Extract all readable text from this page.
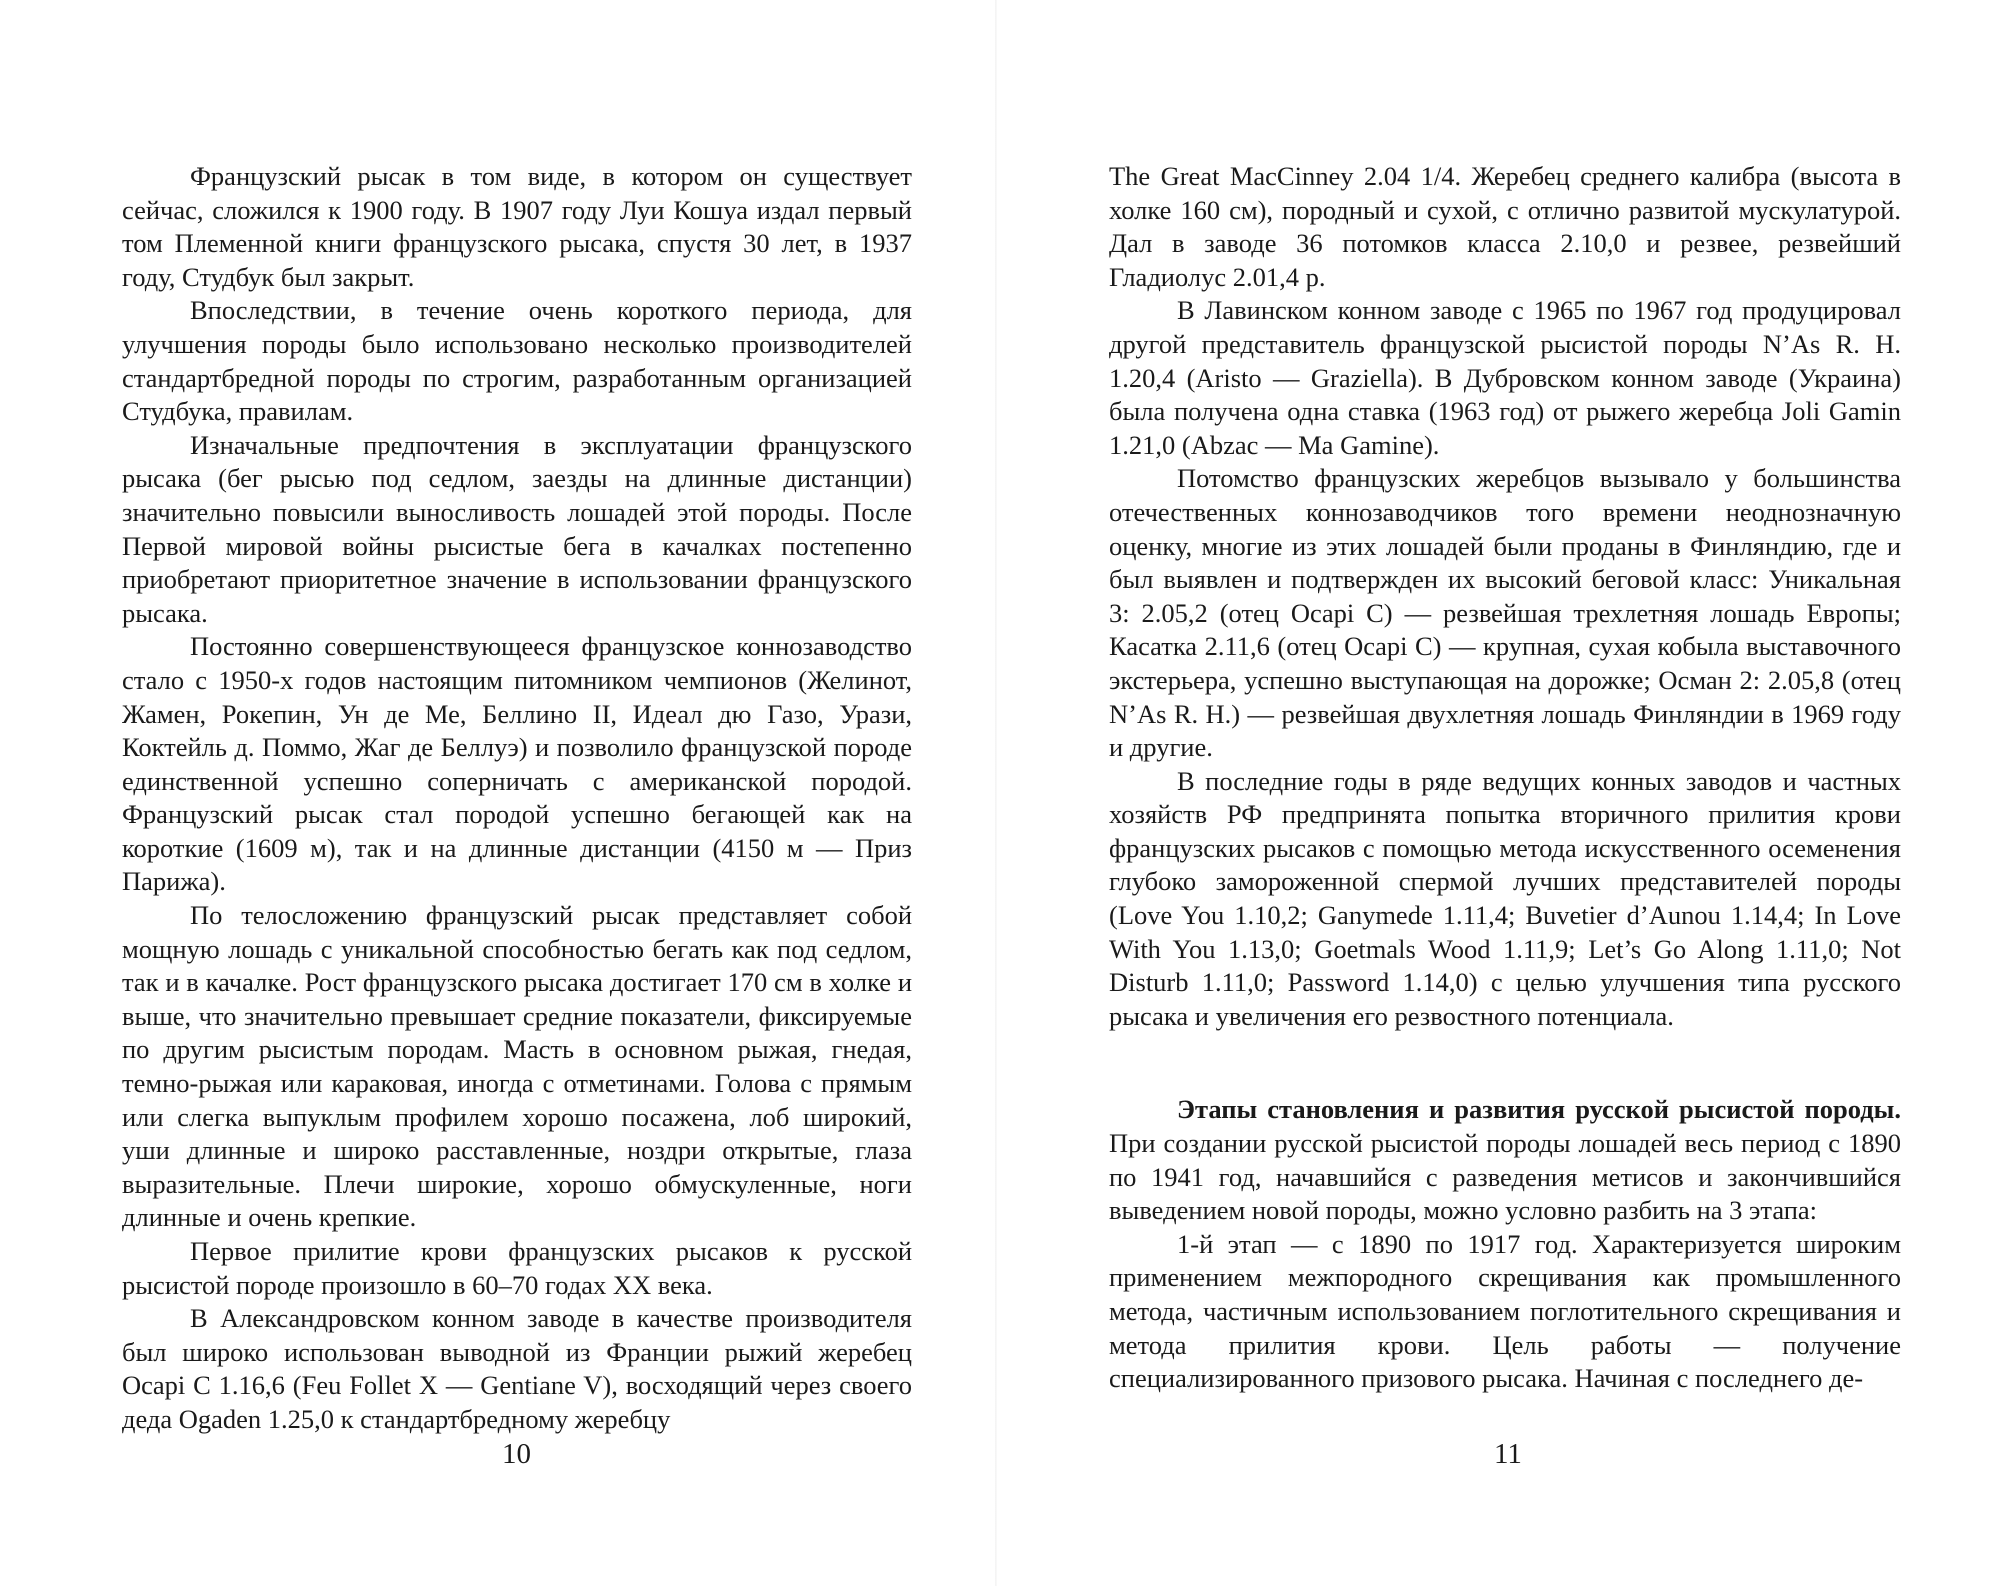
Французский рысак в том виде, в котором он существует сейчас, сложился к 1900 году. В 1907 году Луи Кошуа издал первый том Племенной книги французского рысака, спустя 30 лет, в 1937 году, Студбук был закрыт.

Впоследствии, в течение очень короткого периода, для улучшения породы было использовано несколько производителей стандартбредной породы по строгим, разработанным организацией Студбука, правилам.

Изначальные предпочтения в эксплуатации французского рысака (бег рысью под седлом, заезды на длинные дистанции) значительно повысили выносливость лошадей этой породы. После Первой мировой войны рысистые бега в качалках постепенно приобретают приоритетное значение в использовании французского рысака.

Постоянно совершенствующееся французское коннозаводство стало с 1950-х годов настоящим питомником чемпионов (Желинот, Жамен, Рокепин, Ун де Ме, Беллино II, Идеал дю Газо, Урази, Коктейль д. Поммо, Жаг де Беллуэ) и позволило французской породе единственной успешно соперничать с американской породой. Французский рысак стал породой успешно бегающей как на короткие (1609 м), так и на длинные дистанции (4150 м — Приз Парижа).

По телосложению французский рысак представляет собой мощную лошадь с уникальной способностью бегать как под седлом, так и в качалке. Рост французского рысака достигает 170 см в холке и выше, что значительно превышает средние показатели, фиксируемые по другим рысистым породам. Масть в основном рыжая, гнедая, темно-рыжая или караковая, иногда с отметинами. Голова с прямым или слегка выпуклым профилем хорошо посажена, лоб широкий, уши длинные и широко расставленные, ноздри открытые, глаза выразительные. Плечи широкие, хорошо обмускуленные, ноги длинные и очень крепкие.

Первое прилитие крови французских рысаков к русской рысистой породе произошло в 60–70 годах XX века.

В Александровском конном заводе в качестве производителя был широко использован выводной из Франции рыжий жеребец Ocapi C 1.16,6 (Feu Follet X — Gentiane V), восходящий через своего деда Ogaden 1.25,0 к стандартбредному жеребцу

10

The Great MacCinney 2.04 1/4. Жеребец среднего калибра (высота в холке 160 см), породный и сухой, с отлично развитой мускулатурой. Дал в заводе 36 потомков класса 2.10,0 и резвее, резвейший Гладиолус 2.01,4 р.

В Лавинском конном заводе с 1965 по 1967 год продуцировал другой представитель французской рысистой породы N’As R. H. 1.20,4 (Aristo — Graziella). В Дубровском конном заводе (Украина) была получена одна ставка (1963 год) от рыжего жеребца Joli Gamin 1.21,0 (Abzac — Ma Gamine).

Потомство французских жеребцов вызывало у большинства отечественных коннозаводчиков того времени неоднозначную оценку, многие из этих лошадей были проданы в Финляндию, где и был выявлен и подтвержден их высокий беговой класс: Уникальная 3: 2.05,2 (отец Ocapi C) — резвейшая трехлетняя лошадь Европы; Касатка 2.11,6 (отец Ocapi C) — крупная, сухая кобыла выставочного экстерьера, успешно выступающая на дорожке; Осман 2: 2.05,8 (отец N’As R. H.) — резвейшая двухлетняя лошадь Финляндии в 1969 году и другие.

В последние годы в ряде ведущих конных заводов и частных хозяйств РФ предпринята попытка вторичного прилития крови французских рысаков с помощью метода искусственного осеменения глубоко замороженной спермой лучших представителей породы (Love You 1.10,2; Ganymede 1.11,4; Buvetier d’Aunou 1.14,4; In Love With You 1.13,0; Goetmals Wood 1.11,9; Let’s Go Along 1.11,0; Not Disturb 1.11,0; Password 1.14,0) с целью улучшения типа русского рысака и увеличения его резвостного потенциала.

Этапы становления и развития русской рысистой породы. При создании русской рысистой породы лошадей весь период с 1890 по 1941 год, начавшийся с разведения метисов и закончившийся выведением новой породы, можно условно разбить на 3 этапа:

1-й этап — с 1890 по 1917 год. Характеризуется широким применением межпородного скрещивания как промышленного метода, частичным использованием поглотительного скрещивания и метода прилития крови. Цель работы — получение специализированного призового рысака. Начиная с последнего де-

11
